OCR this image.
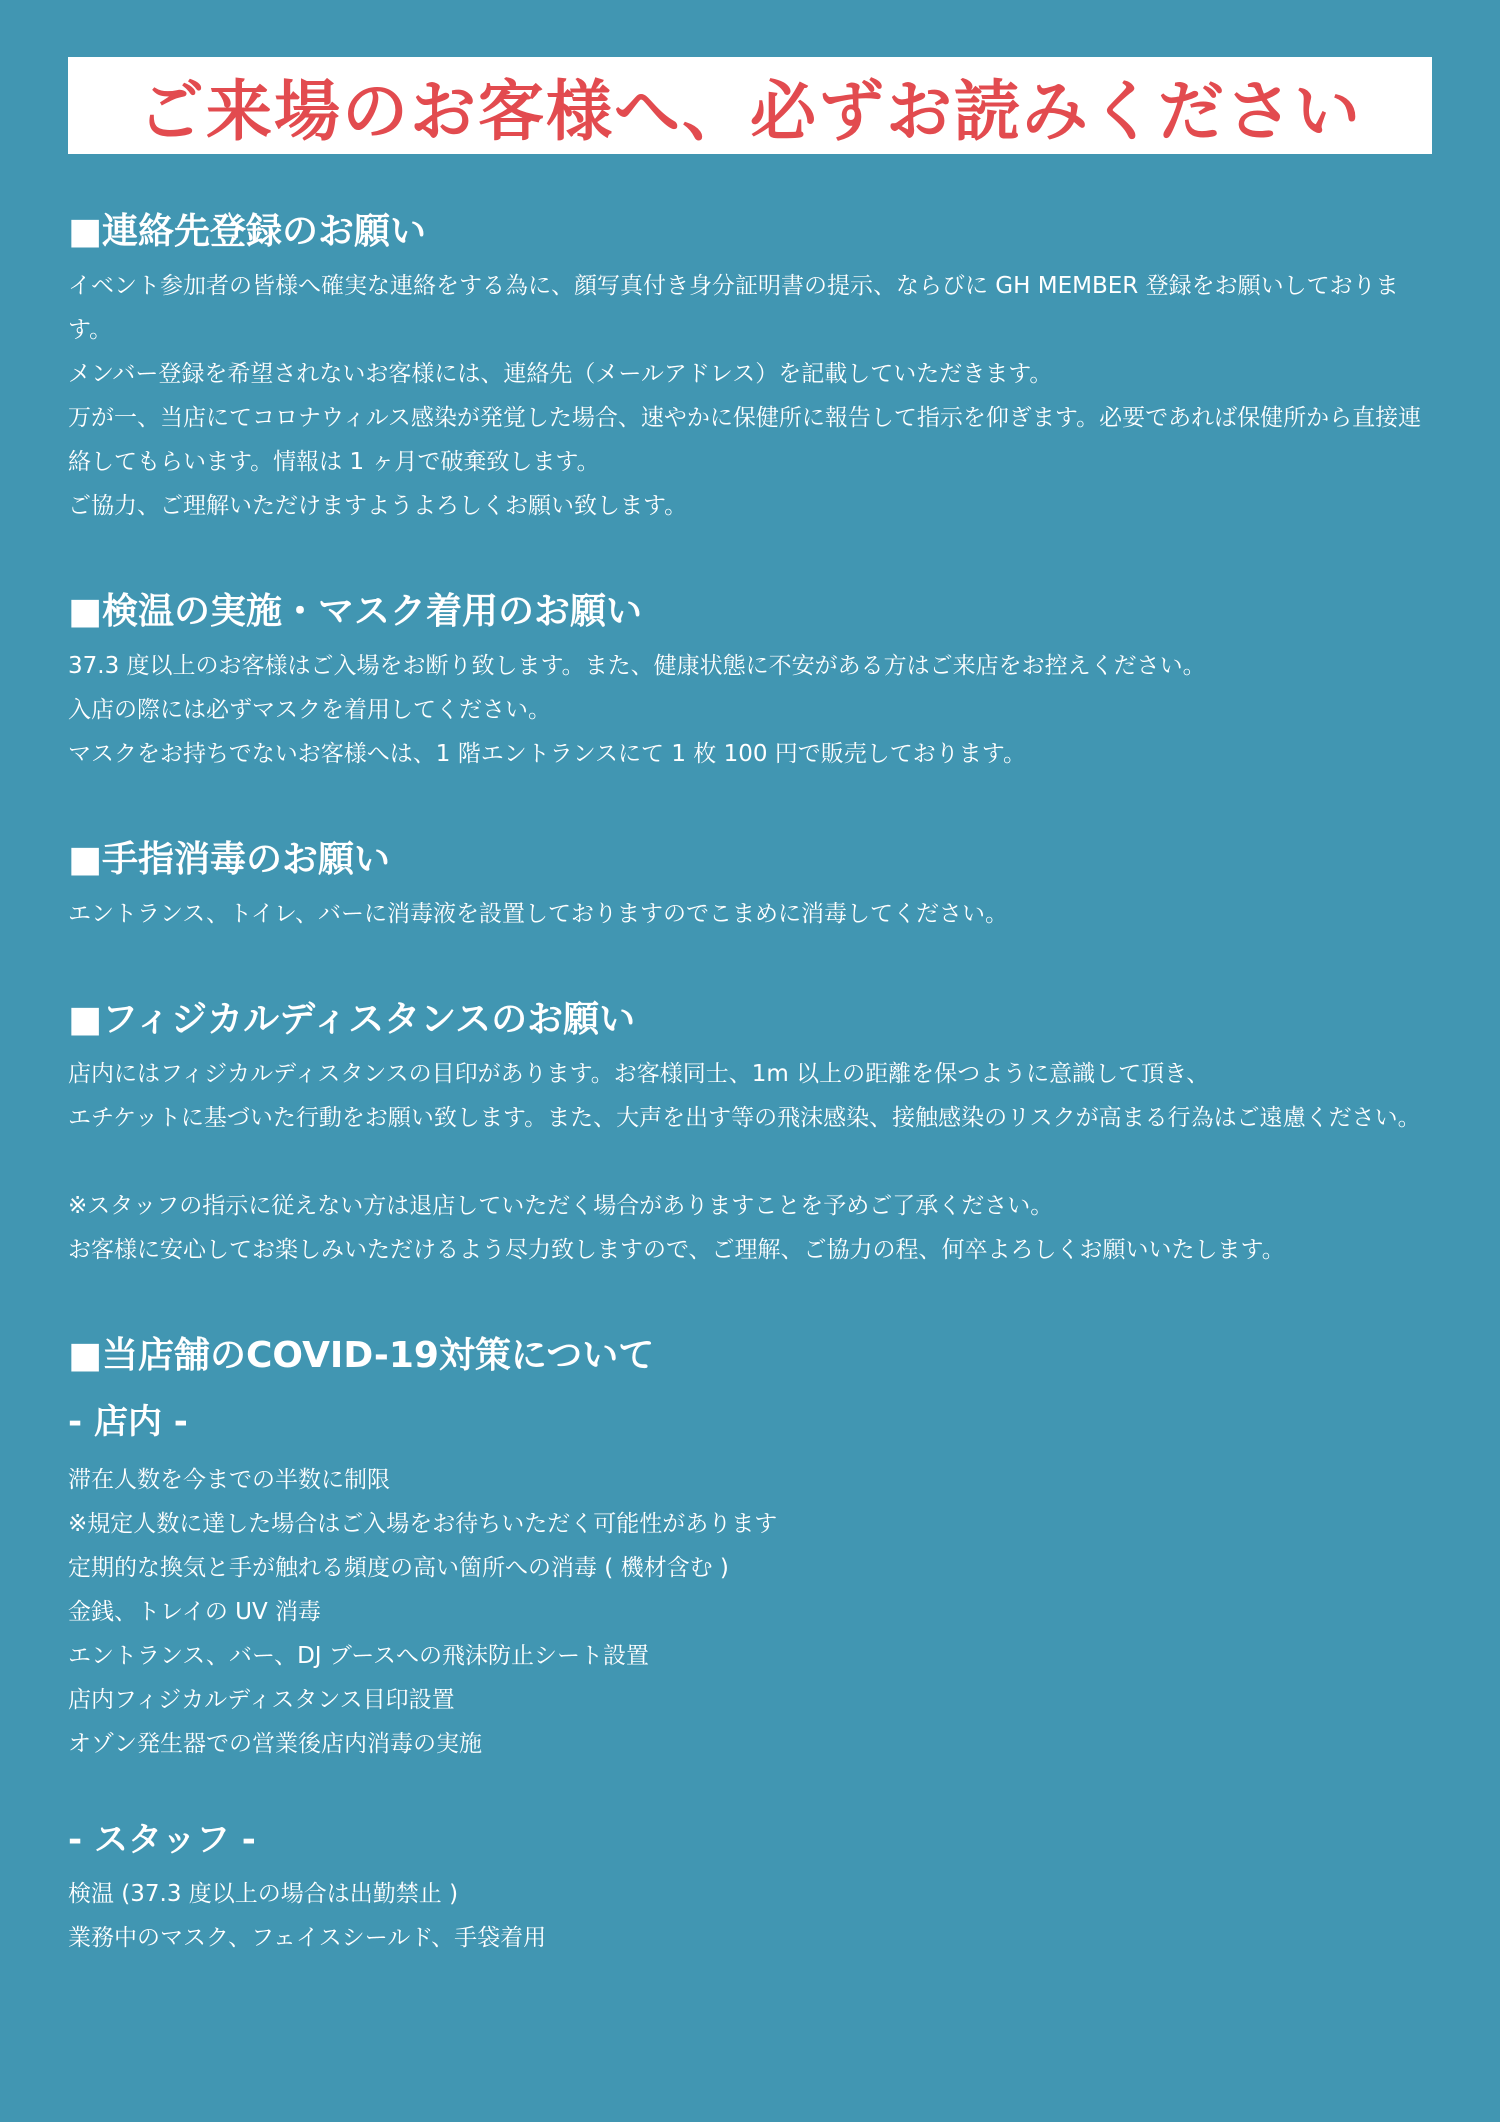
ご来場のお客様へ、必ずお読みください
■連絡先登録のお願い
イベント参加者の皆様へ確実な連絡をする為に、顔写真付き身分証明書の提示、ならびに GH MEMBER 登録をお願いしております。
メンバー登録を希望されないお客様には、連絡先（メールアドレス）を記載していただきます。
万が一、当店にてコロナウィルス感染が発覚した場合、速やかに保健所に報告して指示を仰ぎます。必要であれば保健所から直接連絡してもらいます。情報は 1 ヶ月で破棄致します。
ご協力、ご理解いただけますようよろしくお願い致します。
■検温の実施・マスク着用のお願い
37.3 度以上のお客様はご入場をお断り致します。また、健康状態に不安がある方はご来店をお控えください。
入店の際には必ずマスクを着用してください。
マスクをお持ちでないお客様へは、1 階エントランスにて 1 枚 100 円で販売しております。
■手指消毒のお願い
エントランス、トイレ、バーに消毒液を設置しておりますのでこまめに消毒してください。
■フィジカルディスタンスのお願い
店内にはフィジカルディスタンスの目印があります。お客様同士、1m 以上の距離を保つように意識して頂き、
エチケットに基づいた行動をお願い致します。また、大声を出す等の飛沫感染、接触感染のリスクが高まる行為はご遠慮ください。
※スタッフの指示に従えない方は退店していただく場合がありますことを予めご了承ください。
お客様に安心してお楽しみいただけるよう尽力致しますので、ご理解、ご協力の程、何卒よろしくお願いいたします。
■当店舗のCOVID-19対策について
- 店内 -
滞在人数を今までの半数に制限
※規定人数に達した場合はご入場をお待ちいただく可能性があります
定期的な換気と手が触れる頻度の高い箇所への消毒 ( 機材含む )
金銭、トレイの UV 消毒
エントランス、バー、DJ ブースへの飛沫防止シート設置
店内フィジカルディスタンス目印設置
オゾン発生器での営業後店内消毒の実施
- スタッフ -
検温 (37.3 度以上の場合は出勤禁止 )
業務中のマスク、フェイスシールド、手袋着用
